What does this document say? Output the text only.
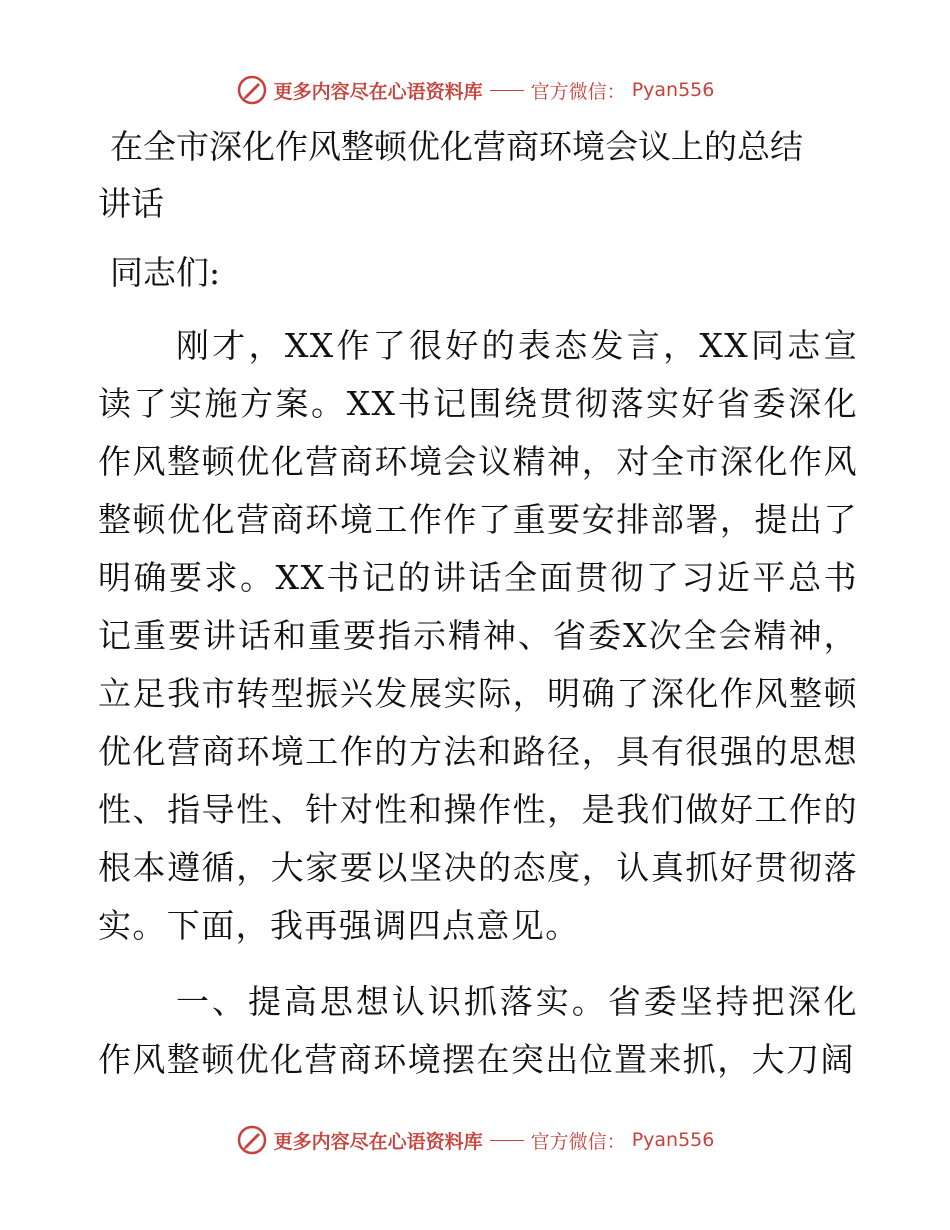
更多内容尽在心语资料库	官方微信： Pyan556
在全市深化作风整顿优化营商环境会议上的总结
讲话

同志们:

刚才，XX作了很好的表态发言，XX同志宣读了实施方案。XX书记围绕贯彻落实好省委深化作风整顿优化营商环境会议精神，对全市深化作风整顿优化营商环境工作作了重要安排部署，提出了明确要求。XX书记的讲话全面贯彻了习近平总书记重要讲话和重要指示精神、省委X次全会精神，立足我市转型振兴发展实际，明确了深化作风整顿优化营商环境工作的方法和路径，具有很强的思想性、指导性、针对性和操作性，是我们做好工作的根本遵循，大家要以坚决的态度，认真抓好贯彻落实。下面，我再强调四点意见。

一、提高思想认识抓落实。省委坚持把深化作风整顿优化营商环境摆在突出位置来抓，大刀阔

更多内容尽在心语资料库	官方微信： Pyan556
